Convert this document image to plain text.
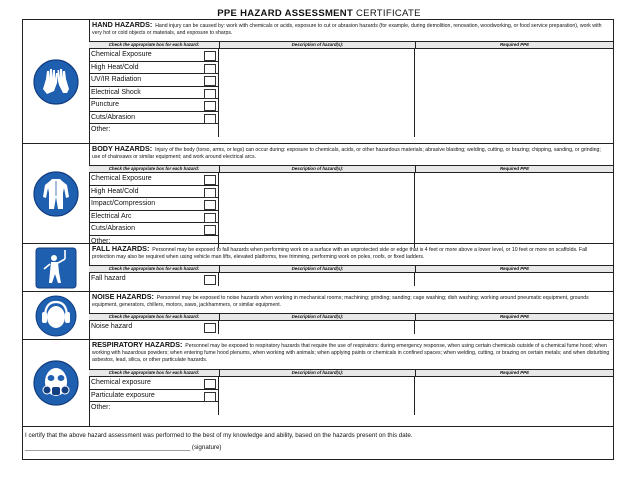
PPE HAZARD ASSESSMENT CERTIFICATE
HAND HAZARDS: Hand injury can be caused by: work with chemicals or acids, exposure to cut or abrasion hazards (for example, during demolition, renovation, woodworking, or food service preparation), work with very hot or cold objects or materials, and exposure to sharps.
Check the appropriate box for each hazard:	Description of hazard(s):	Required PPE
Chemical Exposure
High Heat/Cold
UV/IR Radiation
Electrical Shock
Puncture
Cuts/Abrasion
Other:
BODY HAZARDS: Injury of the body (torso, arms, or legs) can occur during: exposure to chemicals, acids, or other hazardous materials; abrasive blasting; welding, cutting, or brazing; chipping, sanding, or grinding; use of chainsaws or similar equipment; and work around electrical arcs.
Check the appropriate box for each hazard:	Description of hazard(s):	Required PPE
Chemical Exposure
High Heat/Cold
Impact/Compression
Electrical Arc
Cuts/Abrasion
Other:
FALL HAZARDS: Personnel may be exposed to fall hazards when performing work on a surface with an unprotected side or edge that is 4 feet or more above a lower level, or 10 feet or more on scaffolds. Fall protection may also be required when using vehicle man lifts, elevated platforms, tree trimming, performing work on poles, roofs, or fixed ladders.
Check the appropriate box for each hazard:	Description of hazard(s):	Required PPE
Fall hazard
NOISE HAZARDS: Personnel may be exposed to noise hazards when working in mechanical rooms; machining; grinding; sanding; cage washing; dish washing; working around pneumatic equipment, grounds equipment, generators, chillers, motors, saws, jackhammers, or similar equipment.
Check the appropriate box for each hazard:	Description of hazard(s):	Required PPE
Noise hazard
RESPIRATORY HAZARDS: Personnel may be exposed to respiratory hazards that require the use of respirators: during emergency response, when using certain chemicals outside of a chemical fume hood; when working with hazardous powders; when entering fume hood plenums, when working with animals; when applying paints or chemicals in confined spaces; when welding, cutting, or brazing on certain metals; and when disturbing asbestos, lead, silica, or other particulate hazards.
Check the appropriate box for each hazard:	Description of hazard(s):	Required PPE
Chemical exposure
Particulate exposure
Other:
I certify that the above hazard assessment was performed to the best of my knowledge and ability, based on the hazards present on this date.
________________________________________________ (signature)
